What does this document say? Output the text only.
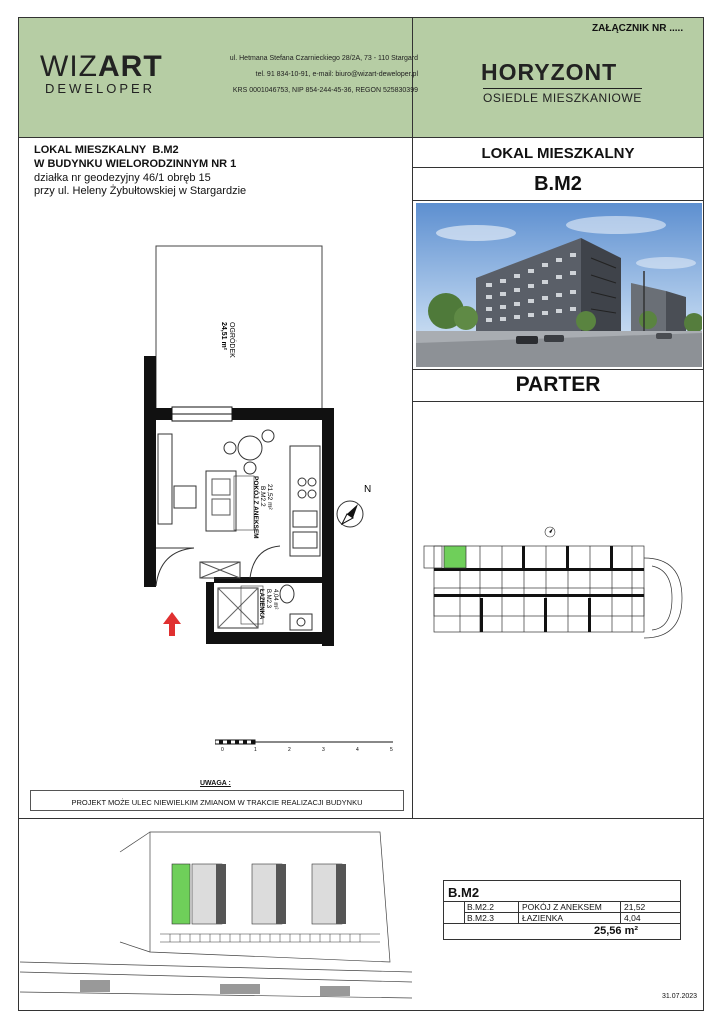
WIZART
DEWELOPER
ul. Hetmana Stefana Czarnieckiego 28/2A, 73 - 110 Stargard
tel. 91 834-10-91, e-mail: biuro@wizart-deweloper.pl
KRS 0001046753, NIP 854-244-45-36, REGON 525830399
ZAŁĄCZNIK NR .....
HORYZONT
OSIEDLE MIESZKANIOWE
LOKAL MIESZKALNY B.M2
W BUDYNKU WIELORODZINNYM NR 1
działka nr geodezyjny 46/1 obręb 15
przy ul. Heleny Żybułtowskiej w Stargardzie
LOKAL MIESZKALNY
B.M2
PARTER
POKÓJ Z ANEKSEM B.M2.2 21,52 m²
ŁAZIENKA B.M2.3 4,04 m²
OGRÓDEK
24,51 m²
N
0	1	2	3	4	5
UWAGA :
PROJEKT MOŻE ULEC NIEWIELKIM ZMIANOM W TRAKCIE REALIZACJI BUDYNKU
B.M2
B.M2.2	POKÓJ Z ANEKSEM	21,52
B.M2.3	ŁAZIENKA	4,04
25,56 m²
31.07.2023
